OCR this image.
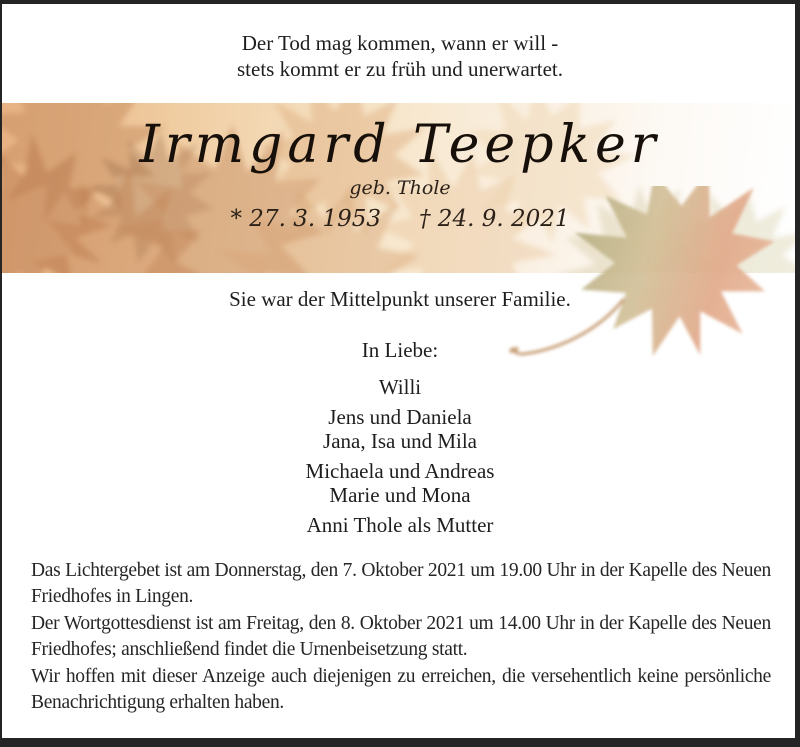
Der Tod mag kommen, wann er will -
stets kommt er zu früh und unerwartet.
Irmgard Teepker
geb. Thole
* 27. 3. 1953 † 24. 9. 2021
Sie war der Mittelpunkt unserer Familie.
In Liebe:
Willi
Jens und Daniela
Jana, Isa und Mila
Michaela und Andreas
Marie und Mona
Anni Thole als Mutter

Das Lichtergebet ist am Donnerstag, den 7. Oktober 2021 um 19.00 Uhr in der Kapelle des Neuen Friedhofes in Lingen.

Der Wortgottesdienst ist am Freitag, den 8. Oktober 2021 um 14.00 Uhr in der Kapelle des Neuen Friedhofes; anschließend findet die Urnenbeisetzung statt.

Wir hoffen mit dieser Anzeige auch diejenigen zu erreichen, die versehentlich keine persönliche Benachrichtigung erhalten haben.
